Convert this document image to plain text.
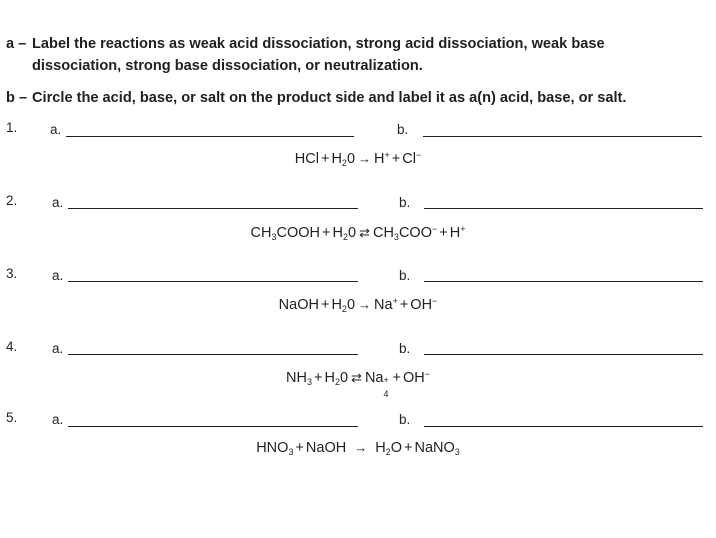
a – Label the reactions as weak acid dissociation, strong acid dissociation, weak base
dissociation, strong base dissociation, or neutralization.
b – Circle the acid, base, or salt on the product side and label it as a(n) acid, base, or salt.
1. a.	b.
HCl + $H_20 \to H^+ + Cl^-$
2.	a.	b.
$CH_3COOH + H_20$ ⇄ $CH_3COO^- + H^+$
3.	a.	b.
NaOH + $H_20 \to Na^+ + OH^-$
4.	a.	b.
$NH_3 + H_20$ ⇄ Na +
4
+ OH−
5.	a.	b.
$HNO_3$ + NaOH → $H_2O$ + NaNO$_3$
